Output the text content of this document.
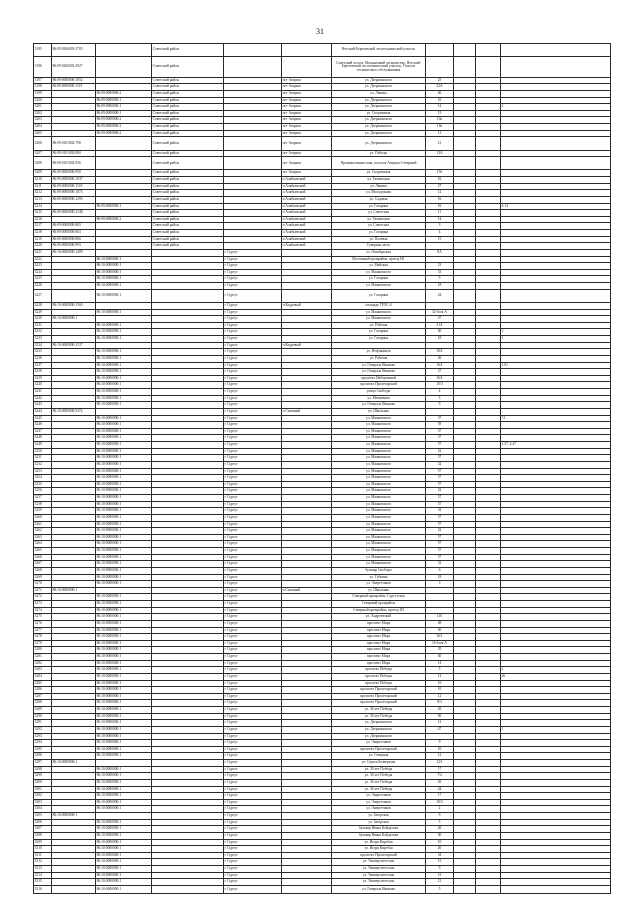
31
3195	86:09:0206003:3705		Советский район			Нетский-Березовский лесотехнический участок				
3196	86:09:0206003:3927		Советский район			Советский лесхоз, Мельничный лесничество, Нетский-Березовский лесотехнический участок, Участок технического обслуживания				
3197	86:09:0000000:1052		Советский район		пгт Агириш	ул. Дзержинского	25			
3198	86:09:0000000:1119		Советский район		пгт Агириш	ул. Дзержинского	22А			
3199		86:09:0000000:2	Советский район		пгт Агириш	ул. Ленина	46			
3200		86:09:0000000:1	Советский район		пгт Агириш	ул. Дзержинского	16			
3201		86:09:0000000:1	Советский район		пгт Агириш	ул. Дзержинского	14			2
3202		86:09:0000000:1	Советский район		пгт Агириш	ул. Спортивная	15			
3203		86:09:0000000:2	Советский район		пгт Агириш	ул. Дзержинского	10а			
3204		86:09:0000000:2	Советский район		пгт Агириш	ул. Дзержинского	18а			
3205		86:09:0000000:2	Советский район		пгт Агириш	ул. Дзержинского	13			
3206	86:09:0101002:798		Советский район		пгт Агириш	ул. Дзержинского	21			
3207	86:09:0101002:800		Советский район		пгт Агириш	ул. Победы	13А			
3208	86:09:0101002:936		Советский район		пгт Агириш	Промышленная зона, поселок Агириш-Северный				
3209	86:09:0000000:950		Советский район		пгт Агириш	ул. Спортивная	15б			
3210	86:09:0000000:1037		Советский район		п Алябьевский	ул. Тюменская	16			
3211	86:09:0000000:1118		Советский район		п Алябьевский	ул. Ленина	27			
3212	86:09:0000000:1073		Советский район		п Алябьевский	ул. Молодежная	12			
3213	86:09:0000000:1295		Советский район		п Алябьевский	ул. Садовая	16			
3214		86:09:0000000:1	Советский район		п Алябьевский	ул. Гагарина	16			4.14
3215	86:09:0000000:2148		Советский район		п Алябьевский	ул. Советская	11			
3216		86:09:0000000:2	Советский район		п Алябьевский	ул. Тюменская	14			
3217	86:09:0000000:865		Советский район		п Алябьевский	ул. Советская	3			
3218	86:09:0000000:863		Советский район		п Алябьевский	ул. Гагарина	4			
3219	86:09:0000000:866		Советский район		п Алябьевский	ул. Полевая	15			
3220	86:09:0000000:993		Советский район		п Алябьевский	Северная часть				
3221	86:10:0000000:1409			г Сургут		ул. Октябрьская	8А			
3222		86:10:0000000:1		г Сургут		Восточный промрайон, проезд Н1				
3223		86:10:0000000:1		г Сургут		ул. Майская	23			
3224		86:10:0000000:1		г Сургут		ул. Маяковского	33			
3225		86:10:0000000:1		г Сургут		ул. Гагарина	5			
3226		86:10:0000000:1		г Сургут		ул. Маяковского	18			
3227		86:10:0000000:1		г Сургут		ул. Гагарина	24			
3228	86:10:0000000:1560			г Сургут	п Кедровый	площадь ГРЭС-4				
3229		86:10:0000000:1		г Сургут		ул. Маяковского	32 блок А			
3230	86:10:0000000:1			г Сургут		ул. Маяковского	47			
3231		86:10:0000000:1		г Сургут		ул. Рабочая	31А			
3232		86:10:0000000:1		г Сургут		ул. Гагарина	40			2
3233		86:10:0000000:1		г Сургут		ул. Гагарина	18			1
3234	86:10:0000000:2137			г Сургут	п Кедровый					
3235		86:10:0000000:1		г Сургут		ул. Нефтяников	18А			
3236		86:10:0000000:1		г Сургут		ул. Рабочая	26			
3237		86:10:0000000:1		г Сургут		ул. Генерала Иванова	16А			1.01
3238		86:10:0000000:1		г Сургут		ул. Генерала Иванова	27			
3239		86:10:0000000:1		г Сургут		проспект Набережный	16А			
3240		86:10:0000000:1		г Сургут		проспект Пролетарский	10/3			
3241		86:10:0000000:1		г Сургут		улица Свободы	4			
3242		86:10:0000000:1		г Сургут		ул. Мечникова	3			
3243		86:10:0000000:1		г Сургут		ул. Генерала Иванова	9			
3244	86:10:0000000:5472			г Сургут	п Снежный	ул. Школьная				
3245		86:10:0000000:1		г Сургут		ул. Маяковского	37			31
3246		86:10:0000000:1		г Сургут		ул. Маяковского	39			
3247		86:10:0000000:1		г Сургут		ул. Маяковского	37			
3248		86:10:0000000:1		г Сургут		ул. Маяковского	37			
3249		86:10:0000000:1		г Сургут		ул. Маяковского	57			1.37, 4.47
3250		86:10:0000000:1		г Сургут		ул. Маяковского	32			
3251		86:10:0000000:1		г Сургут		ул. Маяковского	57			
3252		86:10:0000000:1		г Сургут		ул. Маяковского	32			
3253		86:10:0000000:1		г Сургут		ул. Маяковского	57			
3254		86:10:0000000:1		г Сургут		ул. Маяковского	57			
3255		86:10:0000000:1		г Сургут		ул. Маяковского	57			
3256		86:10:0000000:1		г Сургут		ул. Маяковского	32			
3257		86:10:0000000:1		г Сургут		ул. Маяковского	57			
3258		86:10:0000000:1		г Сургут		ул. Маяковского	57			
3259		86:10:0000000:1		г Сургут		ул. Маяковского	32			
3260		86:10:0000000:1		г Сургут		ул. Маяковского	57			
3261		86:10:0000000:1		г Сургут		ул. Маяковского	57			
3262		86:10:0000000:1		г Сургут		ул. Маяковского	32			
3263		86:10:0000000:1		г Сургут		ул. Маяковского	57			
3264		86:10:0000000:1		г Сургут		ул. Маяковского	57			
3265		86:10:0000000:1		г Сургут		ул. Маяковского	57			
3266		86:10:0000000:1		г Сургут		ул. Маяковского	57			
3267		86:10:0000000:1		г Сургут		ул. Маяковского	32			
3268		86:10:0000000:1		г Сургут		бульвар Свободы	6			
3269		86:10:0000000:1		г Сургут		ул. Губкина	18			
3270		86:10:0000000:1		г Сургут		ул. Энергетиков	3			
3271	86:10:0000000:1			г Сургут	п Снежный	ул. Школьная				
3272		86:10:0000000:1		г Сургут		Северный промрайон, Сургутская				
3273		86:10:0000000:1		г Сургут		Северный промрайон				
3274		86:10:0000000:1		г Сургут		Северный промрайон, проезд 2П				
3275		86:10:0000000:1		г Сургут		ул. Андреевский	110			
3276		86:10:0000000:1		г Сургут		проспект Мира	48			
3277		86:10:0000000:1		г Сургут		проспект Мира	50			
3278		86:10:0000000:1		г Сургут		проспект Мира	16/1			
3279		86:10:0000000:1		г Сургут		проспект Мира	16 блок А			
3280		86:10:0000000:1		г Сургут		проспект Мира	35			
3281		86:10:0000000:1		г Сургут		проспект Мира	30			
3282		86:10:0000000:1		г Сургут		проспект Мира	14			
3283		86:10:0000000:1		г Сургут		проспект Победы	5			2
3284		86:10:0000000:1		г Сургут		проспект Победы	12			26
3285		86:10:0000000:1		г Сургут		проспект Победы	16			
3286		86:10:0000000:1		г Сургут		проспект Пролетарский	10			
3287		86:10:0000000:1		г Сургут		проспект Пролетарский	12			
3288		86:10:0000000:1		г Сургут		проспект Пролетарский	8/3			
3289		86:10:0000000:1		г Сургут		ул. 30 лет Победы	45			
3290		86:10:0000000:1		г Сургут		ул. 30 лет Победы	56			
3291		86:10:0000000:1		г Сургут		ул. Дзержинского	13			
3292		86:10:0000000:1		г Сургут		ул. Дзержинского	47			1
3293		86:10:0000000:1		г Сургут		ул. Дзержинского				
3294		86:10:0000000:1		г Сургут		ул. Энергетиков	9			
3295		86:10:0000000:1		г Сургут		проспект Пролетарский	10			
3296		86:10:0000000:1		г Сургут		ул. Северная	12			
3297	86:10:0000000:1			г Сургут		ул. Сергея Безверхова	12/1			
3298		86:10:0000000:1		г Сургут		ул. 30 лет Победы	17			
3299		86:10:0000000:1		г Сургут		ул. 30 лет Победы	7/2			
3300		86:10:0000000:1		г Сургут		ул. 30 лет Победы	45			
3301		86:10:0000000:1		г Сургут		ул. 30 лет Победы	44			
3302		86:10:0000000:1		г Сургут		ул. Энергетиков	17			
3303		86:10:0000000:1		г Сургут		ул. Энергетиков	10/3			
3304		86:10:0000000:1		г Сургут		ул. Энергетиков	2			
3305	86:10:0000000:1			г Сургут		ул. Загорская	9			
3306		86:10:0000000:1		г Сургут		ул. Загорская	5			
3307		86:10:0000000:1		г Сургут		бульвар Ивана Кайдалова	26			
3308		86:10:0000000:1		г Сургут		бульвар Ивана Кайдалова	30			
3309		86:10:0000000:1		г Сургут		ул. Игоря Киртбая	10			
3310		86:10:0000000:1		г Сургут		ул. Игоря Киртбая	26			
3311		86:10:0000000:1		г Сургут		проспект Пролетарский	34			
3312		86:10:0000000:1		г Сургут		ул. Университетская	15			
3313		86:10:0000000:1		г Сургут		ул. Университетская	9			
3314		86:10:0000000:1		г Сургут		ул. Университетская	15			
3315		86:10:0000000:1		г Сургут		ул. Университетская	21			
3316		86:10:0000000:1		г Сургут		ул. Генерала Иванова	5			
